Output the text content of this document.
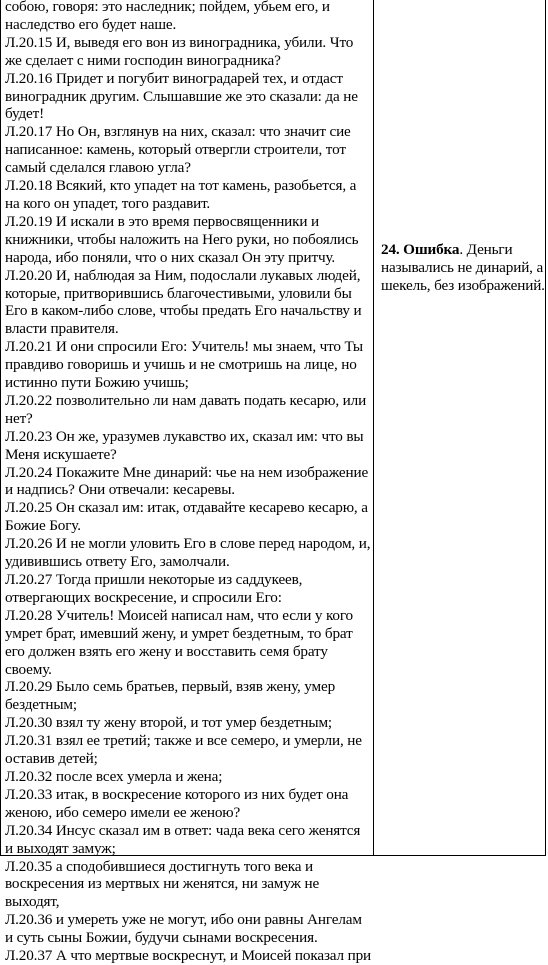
собою, говоря: это наследник; пойдем, убьем его, и наследство его будет наше.

Л.20.15 И, выведя его вон из виноградника, убили. Что же сделает с ними господин виноградника?

Л.20.16 Придет и погубит виноградарей тех, и отдаст виноградник другим. Слышавшие же это сказали: да не будет!

Л.20.17 Но Он, взглянув на них, сказал: что значит сие написанное: камень, который отвергли строители, тот самый сделался главою угла?

Л.20.18 Всякий, кто упадет на тот камень, разобьется, а на кого он упадет, того раздавит.

Л.20.19 И искали в это время первосвященники и книжники, чтобы наложить на Него руки, но побоялись народа, ибо поняли, что о них сказал Он эту притчу.

Л.20.20 И, наблюдая за Ним, подослали лукавых людей, которые, притворившись благочестивыми, уловили бы Его в каком-либо слове, чтобы предать Его начальству и власти правителя.

Л.20.21 И они спросили Его: Учитель! мы знаем, что Ты правдиво говоришь и учишь и не смотришь на лице, но истинно пути Божию учишь;

Л.20.22 позволительно ли нам давать подать кесарю, или нет?

Л.20.23 Он же, уразумев лукавство их, сказал им: что вы Меня искушаете?

Л.20.24 Покажите Мне динарий: чье на нем изображение и надпись? Они отвечали: кесаревы.

Л.20.25 Он сказал им: итак, отдавайте кесарево кесарю, а Божие Богу.

Л.20.26 И не могли уловить Его в слове перед народом, и, удивившись ответу Его, замолчали.

Л.20.27 Тогда пришли некоторые из саддукеев, отвергающих воскресение, и спросили Его:

Л.20.28 Учитель! Моисей написал нам, что если у кого умрет брат, имевший жену, и умрет бездетным, то брат его должен взять его жену и восставить семя брату своему.

Л.20.29 Было семь братьев, первый, взяв жену, умер бездетным;

Л.20.30 взял ту жену второй, и тот умер бездетным;

Л.20.31 взял ее третий; также и все семеро, и умерли, не оставив детей;

Л.20.32 после всех умерла и жена;

Л.20.33 итак, в воскресение которого из них будет она женою, ибо семеро имели ее женою?

Л.20.34 Инсус сказал им в ответ: чада века сего женятся и выходят замуж;

Л.20.35 а сподобившиеся достигнуть того века и воскресения из мертвых ни женятся, ни замуж не выходят,

Л.20.36 и умереть уже не могут, ибо они равны Ангелам и суть сыны Божии, будучи сынами воскресения.

Л.20.37 А что мертвые воскреснут, и Моисей показал при

24. Ошибка. Деньги назывались не динарий, а шекель, без изображений.
